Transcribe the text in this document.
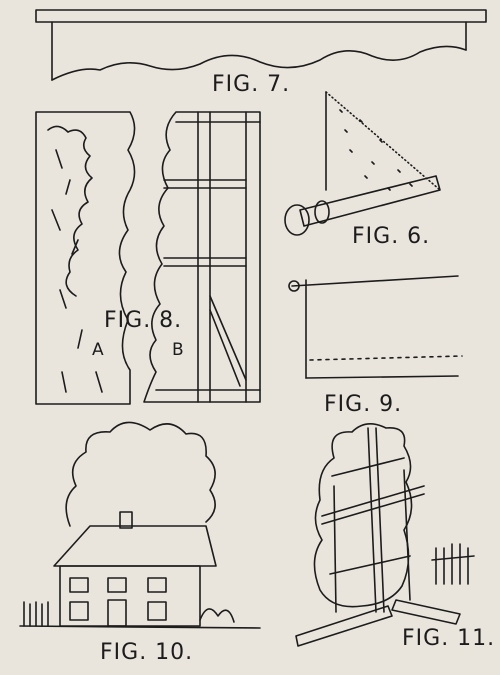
FIG. 7.
FIG. 6.
FIG. 8.
A	B
FIG. 9.
FIG. 10.
FIG. 11.
